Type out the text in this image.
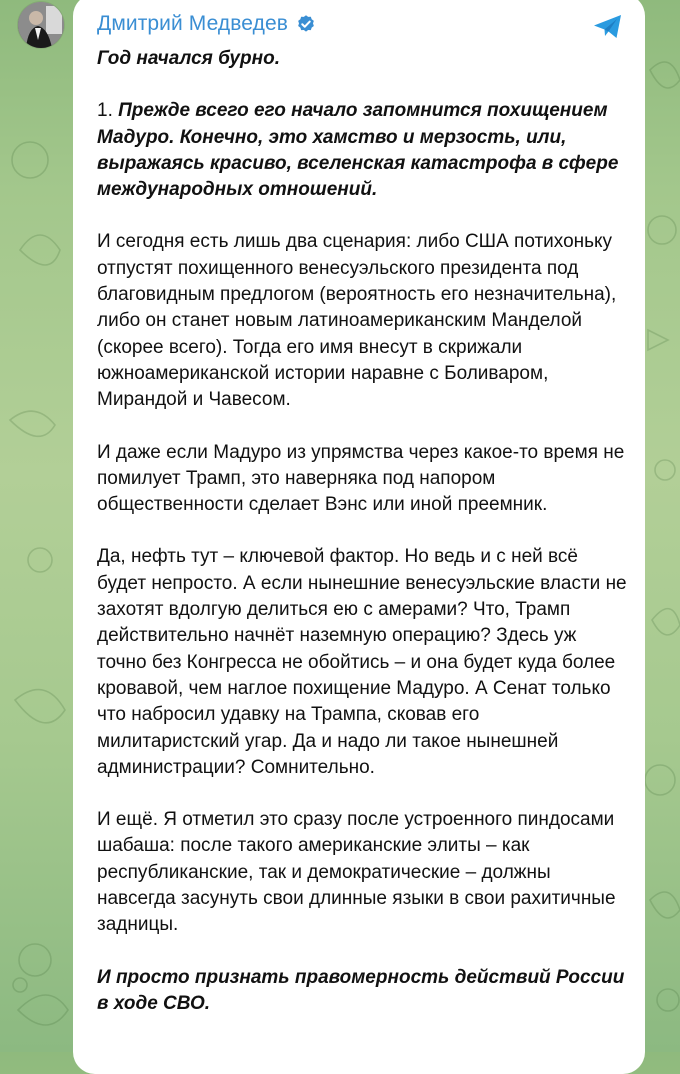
Дмитрий Медведев

Год начался бурно.

1. Прежде всего его начало запомнится похищением Мадуро. Конечно, это хамство и мерзость, или, выражаясь красиво, вселенская катастрофа в сфере международных отношений.

И сегодня есть лишь два сценария: либо США потихоньку отпустят похищенного венесуэльского президента под благовидным предлогом (вероятность его незначительна), либо он станет новым латиноамериканским Манделой (скорее всего). Тогда его имя внесут в скрижали южноамериканской истории наравне с Боливаром, Мирандой и Чавесом.

И даже если Мадуро из упрямства через какое-то время не помилует Трамп, это наверняка под напором общественности сделает Вэнс или иной преемник.

Да, нефть тут – ключевой фактор. Но ведь и с ней всё будет непросто. А если нынешние венесуэльские власти не захотят вдолгую делиться ею с амерами? Что, Трамп действительно начнёт наземную операцию? Здесь уж точно без Конгресса не обойтись – и она будет куда более кровавой, чем наглое похищение Мадуро. А Сенат только что набросил удавку на Трампа, сковав его милитаристский угар. Да и надо ли такое нынешней администрации? Сомнительно.

И ещё. Я отметил это сразу после устроенного пиндосами шабаша: после такого американские элиты – как республиканские, так и демократические – должны навсегда засунуть свои длинные языки в свои рахитичные задницы.

И просто признать правомерность действий России в ходе СВО.
